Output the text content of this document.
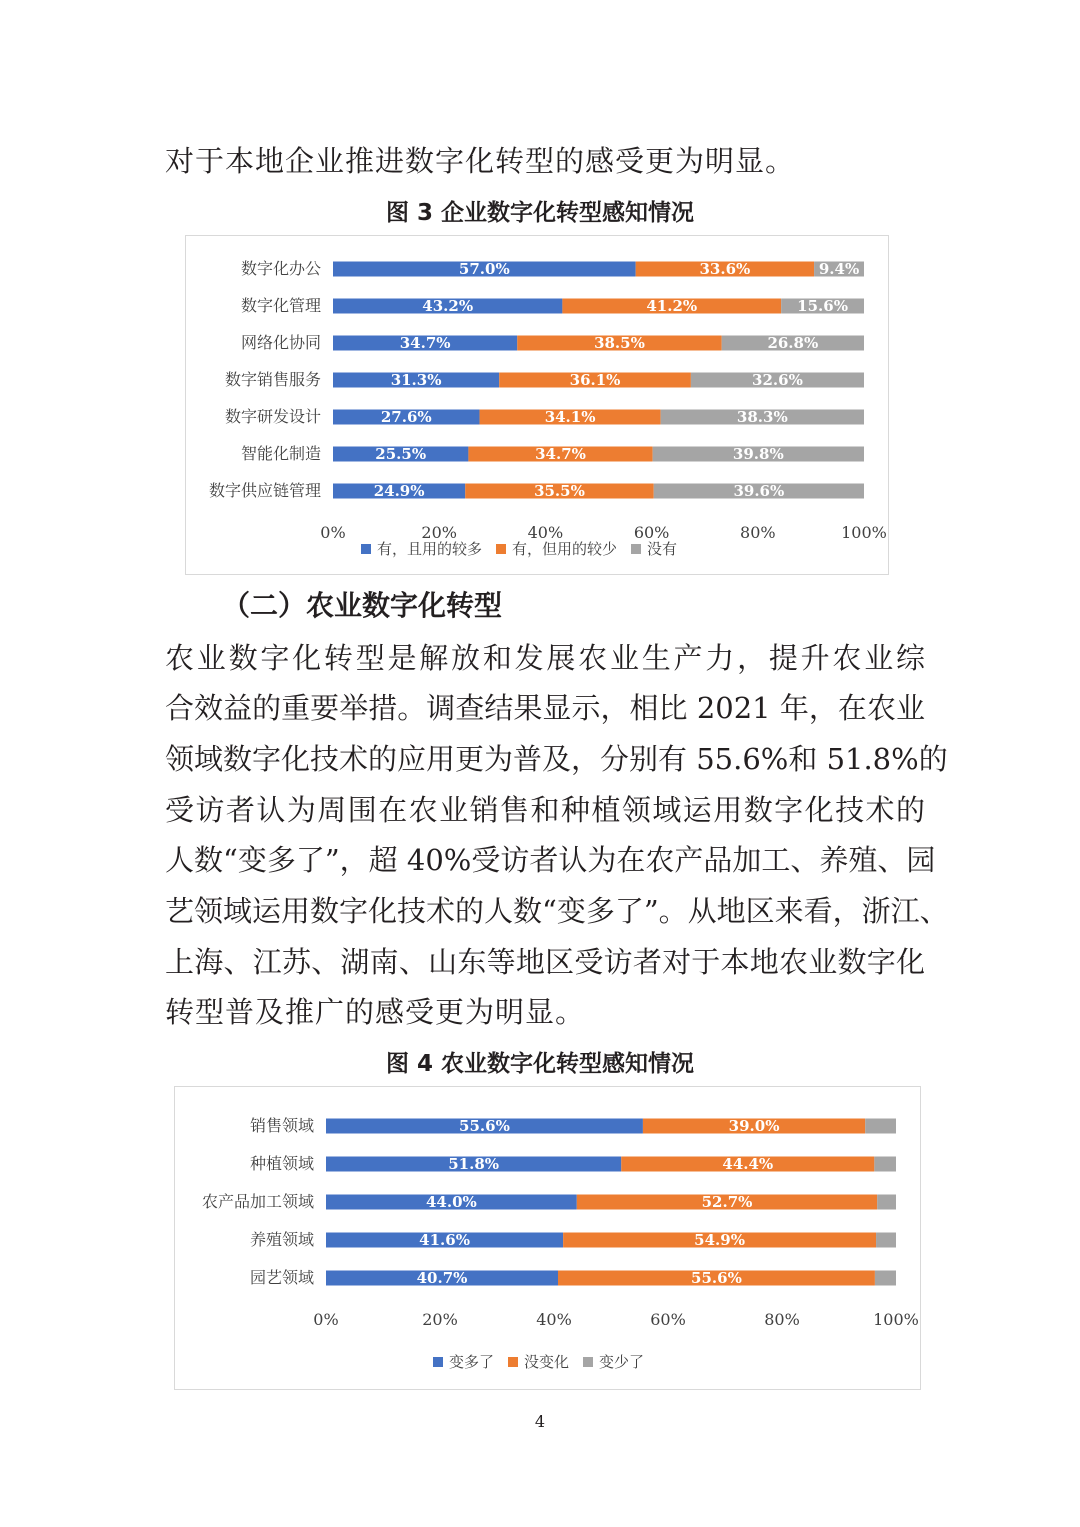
对于本地企业推进数字化转型的感受更为明显。
图 3 企业数字化转型感知情况
数字化办公	57.0%	33.6%	9.4%
数字化管理	43.2%	41.2%	15.6%
网络化协同	34.7%	38.5%	26.8%
数字销售服务	31.3%	36.1%	32.6%
数字研发设计	27.6%	34.1%	38.3%
智能化制造	25.5%	34.7%	39.8%
数字供应链管理	24.9%	35.5%	39.6%
0%	20%	40%	60%	80%	100%
有，且用的较多 有，但用的较少 没有
（二）农业数字化转型
农业数字化转型是解放和发展农业生产力，提升农业综
合效益的重要举措。调查结果显示，相比 2021 年，在农业
领域数字化技术的应用更为普及，分别有 55.6%和 51.8%的
受访者认为周围在农业销售和种植领域运用数字化技术的
人数“变多了”，超 40%受访者认为在农产品加工、养殖、园
艺领域运用数字化技术的人数“变多了”。从地区来看，浙江、
上海、江苏、湖南、山东等地区受访者对于本地农业数字化
转型普及推广的感受更为明显。
图 4 农业数字化转型感知情况
销售领域	55.6%	39.0%
种植领域	51.8%	44.4%
农产品加工领域	44.0%	52.7%
养殖领域	41.6%	54.9%
园艺领域	40.7%	55.6%
0%	20%	40%	60%	80%	100%
变多了 没变化 变少了
4
